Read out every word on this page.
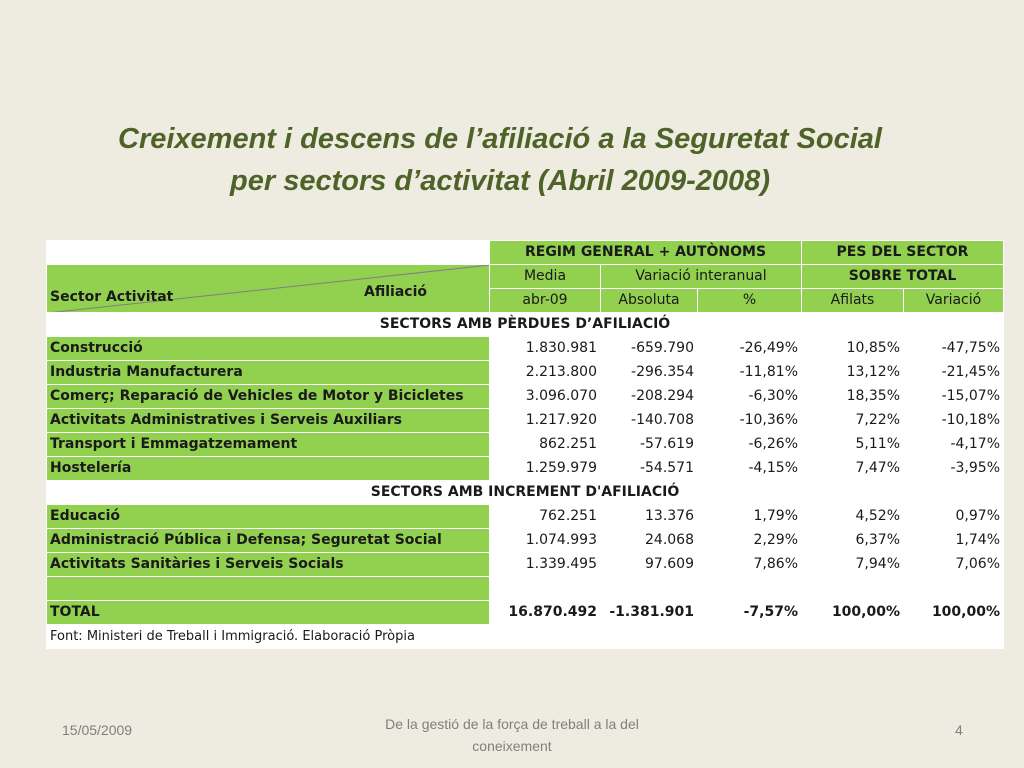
Creixement i descens de l’afiliació a la Seguretat Social
per sectors d’activitat (Abril 2009-2008)
	REGIM GENERAL + AUTÒNOMS			PES DEL SECTOR	

Sector Activitat Afiliació	Media	Variació interanual		SOBRE TOTAL	
	abr-09	Absoluta	%	Afilats	Variació
SECTORS AMB PÈRDUES D’AFILIACIÓ					
Construcció	1.830.981	-659.790	-26,49%	10,85%	-47,75%
Industria Manufacturera	2.213.800	-296.354	-11,81%	13,12%	-21,45%
Comerç; Reparació de Vehicles de Motor y Bicicletes	3.096.070	-208.294	-6,30%	18,35%	-15,07%
Activitats Administratives i Serveis Auxiliars	1.217.920	-140.708	-10,36%	7,22%	-10,18%
Transport i Emmagatzemament	862.251	-57.619	-6,26%	5,11%	-4,17%
Hostelería	1.259.979	-54.571	-4,15%	7,47%	-3,95%
SECTORS AMB INCREMENT D'AFILIACIÓ					
Educació	762.251	13.376	1,79%	4,52%	0,97%
Administració Pública i Defensa; Seguretat Social	1.074.993	24.068	2,29%	6,37%	1,74%
Activitats Sanitàries i Serveis Socials	1.339.495	97.609	7,86%	7,94%	7,06%

TOTAL	16.870.492	-1.381.901	-7,57%	100,00%	100,00%
Font: Ministeri de Treball i Immigració. Elaboració Pròpia					
15/05/2009	De la gestió de la força de treball a la del coneixement
4
